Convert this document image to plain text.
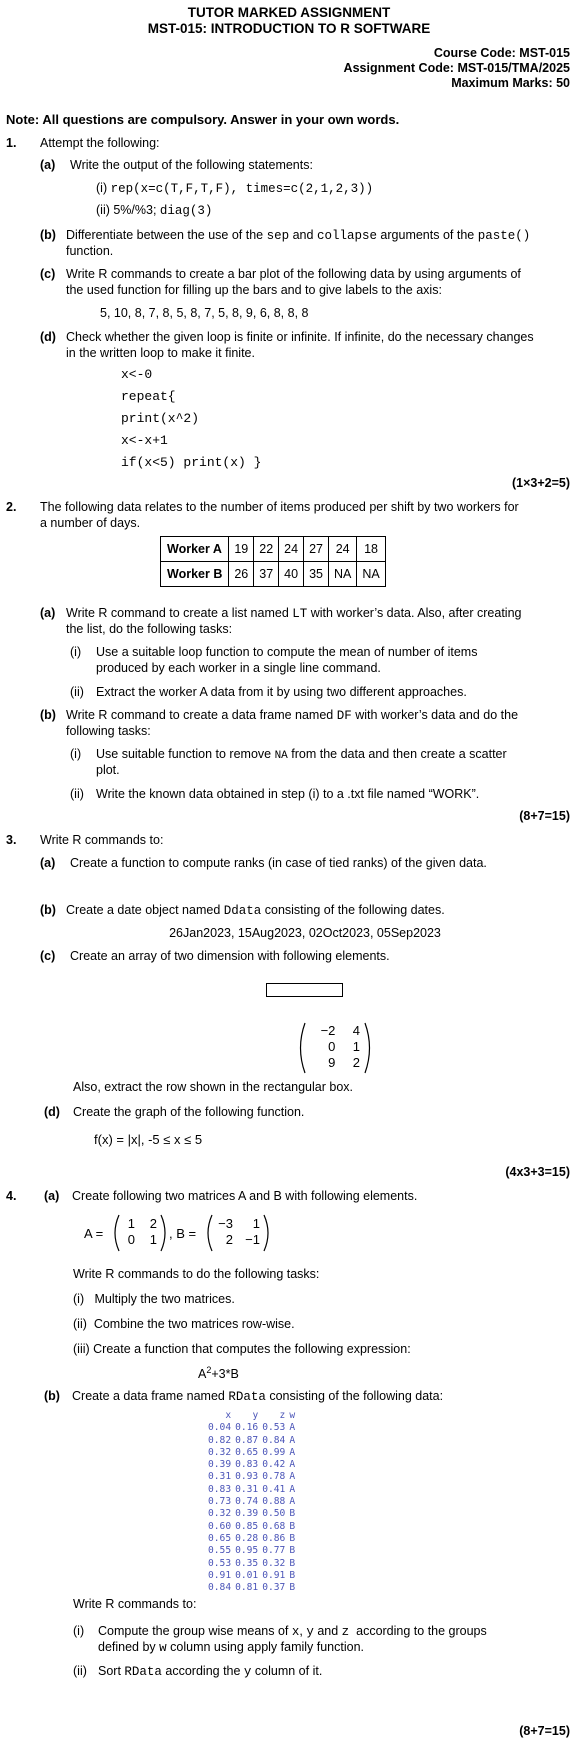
TUTOR MARKED ASSIGNMENT
MST-015: INTRODUCTION TO R SOFTWARE
Course Code: MST-015
Assignment Code: MST-015/TMA/2025
Maximum Marks: 50
Note: All questions are compulsory. Answer in your own words.
1. Attempt the following:
(a) Write the output of the following statements:
(i) rep(x=c(T,F,T,F), times=c(2,1,2,3))
(ii) 5%/%3; diag(3)
(b) Differentiate between the use of the sep and collapse arguments of the paste()
function.
(c) Write R commands to create a bar plot of the following data by using arguments of
the used function for filling up the bars and to give labels to the axis:
5, 10, 8, 7, 8, 5, 8, 7, 5, 8, 9, 6, 8, 8, 8
(d) Check whether the given loop is finite or infinite. If infinite, do the necessary changes
in the written loop to make it finite.
x<-0
repeat{
print(x^2)
x<-x+1
if(x<5) print(x) }
(1×3+2=5)
2. The following data relates to the number of items produced per shift by two workers for
a number of days.
Worker A	19	22	24	27	24	18
Worker B	26	37	40	35	NA	NA
(a) Write R command to create a list named LT with worker’s data. Also, after creating
the list, do the following tasks:
(i) Use a suitable loop function to compute the mean of number of items
produced by each worker in a single line command.
(ii) Extract the worker A data from it by using two different approaches.
(b) Write R command to create a data frame named DF with worker’s data and do the
following tasks:
(i) Use suitable function to remove NA from the data and then create a scatter
plot.
(ii) Write the known data obtained in step (i) to a .txt file named “WORK”.
(8+7=15)
3. Write R commands to:
(a) Create a function to compute ranks (in case of tied ranks) of the given data.
(b) Create a date object named Ddata consisting of the following dates.
26Jan2023, 15Aug2023, 02Oct2023, 05Sep2023
(c) Create an array of two dimension with following elements.
−2	4
0	1
9	2
Also, extract the row shown in the rectangular box.
(d) Create the graph of the following function.
f(x) = |x|, -5 ≤ x ≤ 5
(4x3+3=15)
4. (a) Create following two matrices A and B with following elements.
A =
1	2
0	1 , B =
−3	1
2	−1
Write R commands to do the following tasks:
(i)   Multiply the two matrices.
(ii)  Combine the two matrices row-wise.
(iii) Create a function that computes the following expression:
$A^2+3*B$
(b) Create a data frame named RData consisting of the following data:
x	y	z	w
0.04	0.16	0.53	A
0.82	0.87	0.84	A
0.32	0.65	0.99	A
0.39	0.83	0.42	A
0.31	0.93	0.78	A
0.83	0.31	0.41	A
0.73	0.74	0.88	A
0.32	0.39	0.50	B
0.60	0.85	0.68	B
0.65	0.28	0.86	B
0.55	0.95	0.77	B
0.53	0.35	0.32	B
0.91	0.01	0.91	B
0.84	0.81	0.37	B
Write R commands to:
(i) Compute the group wise means of x, y and z  according to the groups
defined by w column using apply family function.
(ii) Sort RData according the y column of it.
(8+7=15)
